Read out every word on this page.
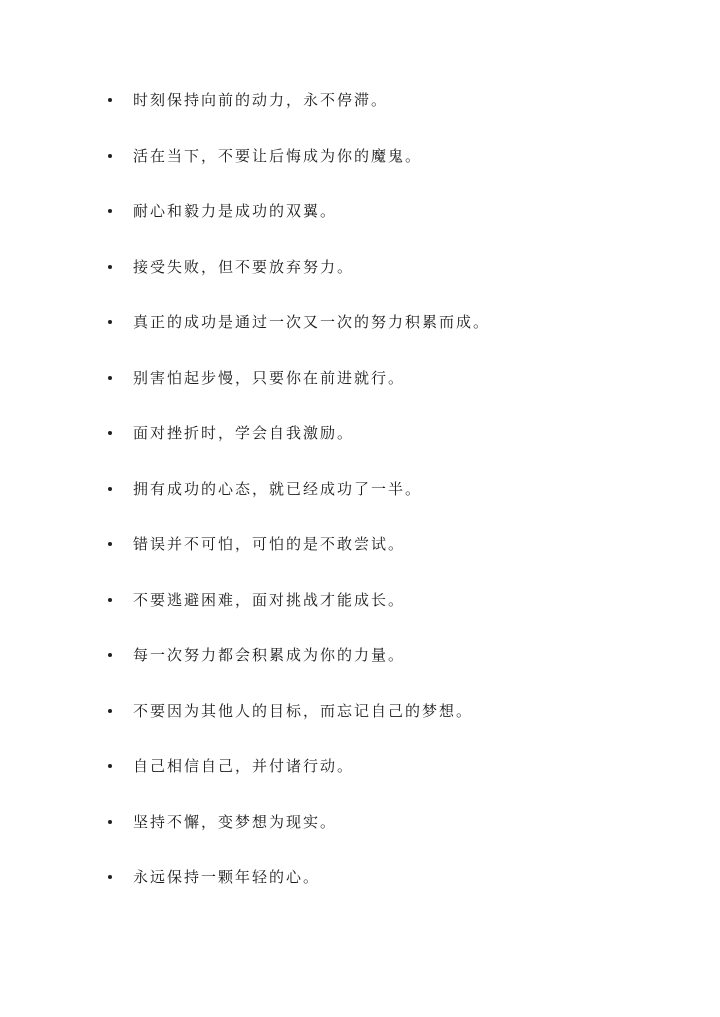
时刻保持向前的动力，永不停滞。
活在当下，不要让后悔成为你的魔鬼。
耐心和毅力是成功的双翼。
接受失败，但不要放弃努力。
真正的成功是通过一次又一次的努力积累而成。
别害怕起步慢，只要你在前进就行。
面对挫折时，学会自我激励。
拥有成功的心态，就已经成功了一半。
错误并不可怕，可怕的是不敢尝试。
不要逃避困难，面对挑战才能成长。
每一次努力都会积累成为你的力量。
不要因为其他人的目标，而忘记自己的梦想。
自己相信自己，并付诸行动。
坚持不懈，变梦想为现实。
永远保持一颗年轻的心。
